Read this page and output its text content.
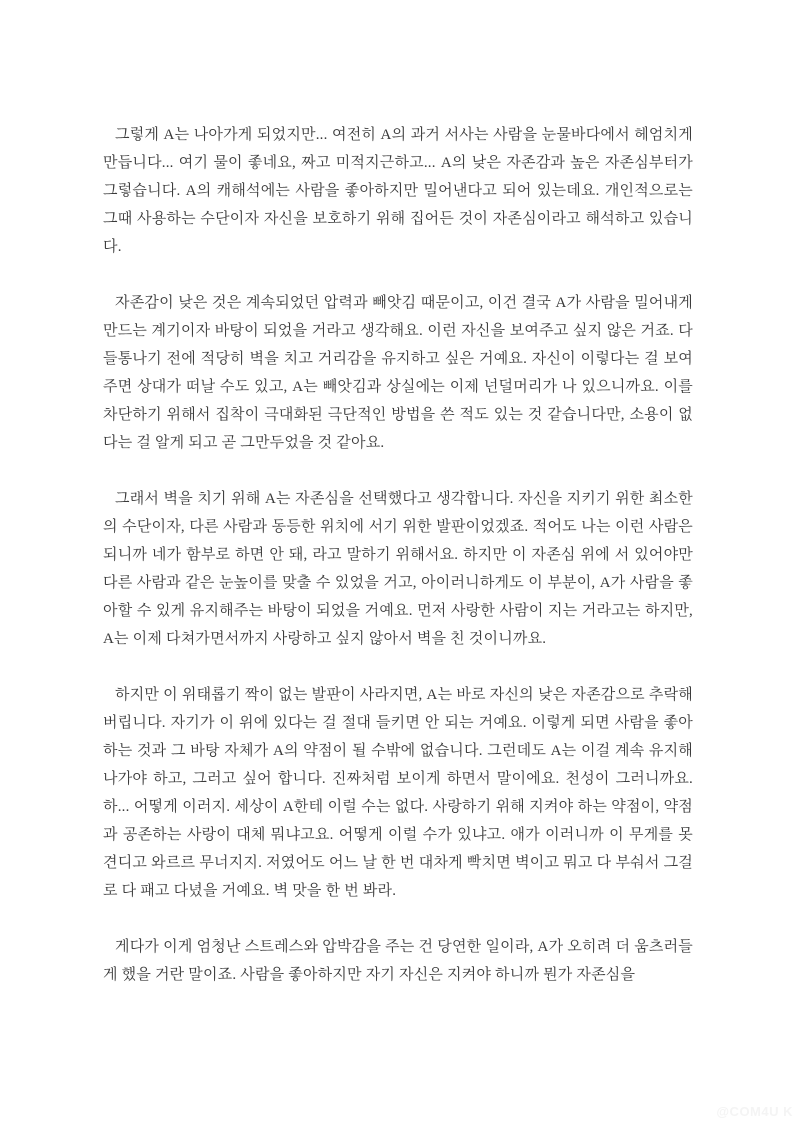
그렇게 A는 나아가게 되었지만... 여전히 A의 과거 서사는 사람을 눈물바다에서 헤엄치게 만듭니다... 여기 물이 좋네요, 짜고 미적지근하고... A의 낮은 자존감과 높은 자존심부터가 그렇습니다. A의 캐해석에는 사람을 좋아하지만 밀어낸다고 되어 있는데요. 개인적으로는 그때 사용하는 수단이자 자신을 보호하기 위해 집어든 것이 자존심이라고 해석하고 있습니다.

자존감이 낮은 것은 계속되었던 압력과 빼앗김 때문이고, 이건 결국 A가 사람을 밀어내게 만드는 계기이자 바탕이 되었을 거라고 생각해요. 이런 자신을 보여주고 싶지 않은 거죠. 다 들통나기 전에 적당히 벽을 치고 거리감을 유지하고 싶은 거예요. 자신이 이렇다는 걸 보여주면 상대가 떠날 수도 있고, A는 빼앗김과 상실에는 이제 넌덜머리가 나 있으니까요. 이를 차단하기 위해서 집착이 극대화된 극단적인 방법을 쓴 적도 있는 것 같습니다만, 소용이 없다는 걸 알게 되고 곧 그만두었을 것 같아요.

그래서 벽을 치기 위해 A는 자존심을 선택했다고 생각합니다. 자신을 지키기 위한 최소한의 수단이자, 다른 사람과 동등한 위치에 서기 위한 발판이었겠죠. 적어도 나는 이런 사람은 되니까 네가 함부로 하면 안 돼, 라고 말하기 위해서요. 하지만 이 자존심 위에 서 있어야만 다른 사람과 같은 눈높이를 맞출 수 있었을 거고, 아이러니하게도 이 부분이, A가 사람을 좋아할 수 있게 유지해주는 바탕이 되었을 거예요. 먼저 사랑한 사람이 지는 거라고는 하지만, A는 이제 다쳐가면서까지 사랑하고 싶지 않아서 벽을 친 것이니까요.

하지만 이 위태롭기 짝이 없는 발판이 사라지면, A는 바로 자신의 낮은 자존감으로 추락해버립니다. 자기가 이 위에 있다는 걸 절대 들키면 안 되는 거예요. 이렇게 되면 사람을 좋아하는 것과 그 바탕 자체가 A의 약점이 될 수밖에 없습니다. 그런데도 A는 이걸 계속 유지해 나가야 하고, 그러고 싶어 합니다. 진짜처럼 보이게 하면서 말이에요. 천성이 그러니까요. 하... 어떻게 이러지. 세상이 A한테 이럴 수는 없다. 사랑하기 위해 지켜야 하는 약점이, 약점과 공존하는 사랑이 대체 뭐냐고요. 어떻게 이럴 수가 있냐고. 애가 이러니까 이 무게를 못 견디고 와르르 무너지지. 저였어도 어느 날 한 번 대차게 빡치면 벽이고 뭐고 다 부숴서 그걸로 다 패고 다녔을 거예요. 벽 맛을 한 번 봐라.

게다가 이게 엄청난 스트레스와 압박감을 주는 건 당연한 일이라, A가 오히려 더 움츠러들게 했을 거란 말이죠. 사람을 좋아하지만 자기 자신은 지켜야 하니까 뭔가 자존심을

@COM4U K
